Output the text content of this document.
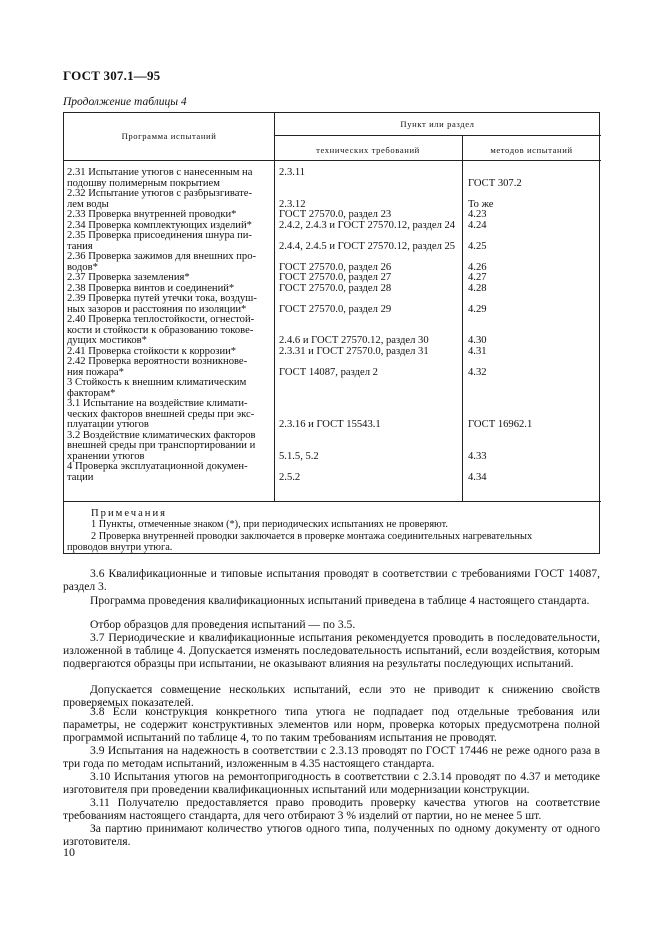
ГОСТ 307.1—95
Продолжение таблицы 4
Программа испытаний
Пункт или раздел
технических требований	методов испытаний
2.31 Испытание утюгов с нанесенным на
подошву полимерным покрытием
2.32 Испытание утюгов с разбрызгивате-
лем воды
2.33 Проверка внутренней проводки*
2.34 Проверка комплектующих изделий*
2.35 Проверка присоединения шнура пи-
тания
2.36 Проверка зажимов для внешних про-
водов*
2.37 Проверка заземления*
2.38 Проверка винтов и соединений*
2.39 Проверка путей утечки тока, воздуш-
ных зазоров и расстояния по изоляции*
2.40 Проверка теплостойкости, огнестой-
кости и стойкости к образованию токове-
дущих мостиков*
2.41 Проверка стойкости к коррозии*
2.42 Проверка вероятности возникнове-
ния пожара*
3 Стойкость к внешним климатическим
факторам*
3.1 Испытание на воздействие климати-
ческих факторов внешней среды при экс-
плуатации утюгов
3.2 Воздействие климатических факторов
внешней среды при транспортировании и
хранении утюгов
4 Проверка эксплуатационной докумен-
тации
2.3.11
2.3.12
ГОСТ 27570.0, раздел 23
2.4.2, 2.4.3 и ГОСТ 27570.12, раздел 24
2.4.4, 2.4.5 и ГОСТ 27570.12, раздел 25
ГОСТ 27570.0, раздел 26
ГОСТ 27570.0, раздел 27
ГОСТ 27570.0, раздел 28
ГОСТ 27570.0, раздел 29
2.4.6 и ГОСТ 27570.12, раздел 30
2.3.31 и ГОСТ 27570.0, раздел 31
ГОСТ 14087, раздел 2
2.3.16 и ГОСТ 15543.1
5.1.5, 5.2
2.5.2
ГОСТ 307.2
То же
4.23
4.24
4.25
4.26
4.27
4.28
4.29
4.30
4.31
4.32
ГОСТ 16962.1
4.33
4.34
Примечания
1 Пункты, отмеченные знаком (*), при периодических испытаниях не проверяют.
2 Проверка внутренней проводки заключается в проверке монтажа соединительных нагревательных
проводов внутри утюга.
3.6 Квалификационные и типовые испытания проводят в соответствии с требованиями ГОСТ 14087, раздел 3.
Программа проведения квалификационных испытаний приведена в таблице 4 настоящего стандарта.
Отбор образцов для проведения испытаний — по 3.5.
3.7 Периодические и квалификационные испытания рекомендуется проводить в последовательности, изложенной в таблице 4. Допускается изменять последовательность испытаний, если воздействия, которым подвергаются образцы при испытании, не оказывают влияния на результаты последующих испытаний.
Допускается совмещение нескольких испытаний, если это не приводит к снижению свойств проверяемых показателей.
3.8 Если конструкция конкретного типа утюга не подпадает под отдельные требования или параметры, не содержит конструктивных элементов или норм, проверка которых предусмотрена полной программой испытаний по таблице 4, то по таким требованиям испытания не проводят.
3.9 Испытания на надежность в соответствии с 2.3.13 проводят по ГОСТ 17446 не реже одного раза в три года по методам испытаний, изложенным в 4.35 настоящего стандарта.
3.10 Испытания утюгов на ремонтопригодность в соответствии с 2.3.14 проводят по 4.37 и методике изготовителя при проведении квалификационных испытаний или модернизации конструкции.
3.11 Получателю предоставляется право проводить проверку качества утюгов на соответствие требованиям настоящего стандарта, для чего отбирают 3 % изделий от партии, но не менее 5 шт.
За партию принимают количество утюгов одного типа, полученных по одному документу от одного изготовителя.
10
